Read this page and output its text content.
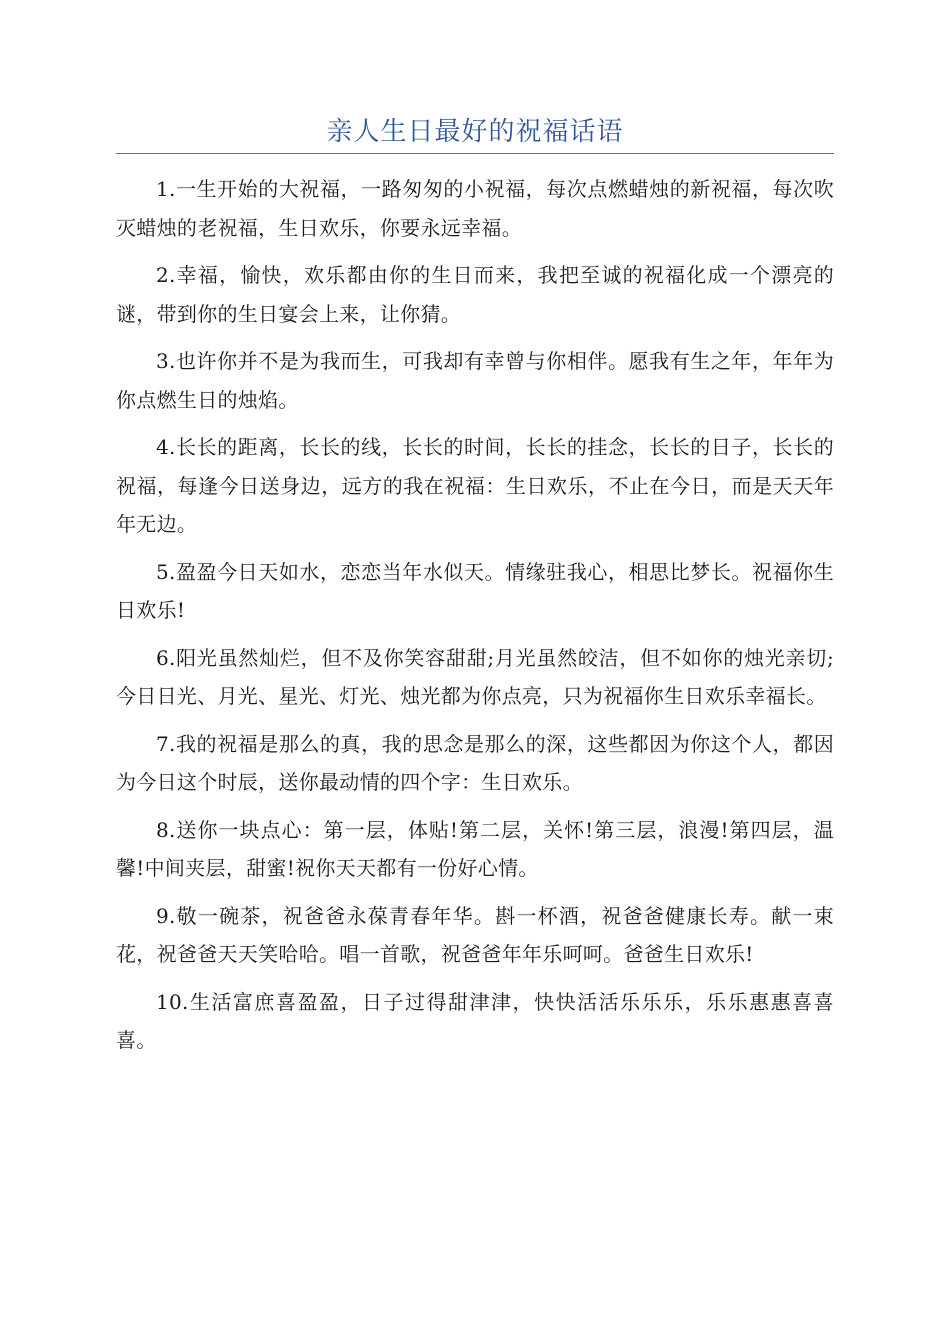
亲人生日最好的祝福话语

1.一生开始的大祝福，一路匆匆的小祝福，每次点燃蜡烛的新祝福，每次吹灭蜡烛的老祝福，生日欢乐，你要永远幸福。

2.幸福，愉快，欢乐都由你的生日而来，我把至诚的祝福化成一个漂亮的谜，带到你的生日宴会上来，让你猜。

3.也许你并不是为我而生，可我却有幸曾与你相伴。愿我有生之年，年年为你点燃生日的烛焰。

4.长长的距离，长长的线，长长的时间，长长的挂念，长长的日子，长长的祝福，每逢今日送身边，远方的我在祝福：生日欢乐，不止在今日，而是天天年年无边。

5.盈盈今日天如水，恋恋当年水似天。情缘驻我心，相思比梦长。祝福你生日欢乐!

6.阳光虽然灿烂，但不及你笑容甜甜;月光虽然皎洁，但不如你的烛光亲切;今日日光、月光、星光、灯光、烛光都为你点亮，只为祝福你生日欢乐幸福长。

7.我的祝福是那么的真，我的思念是那么的深，这些都因为你这个人，都因为今日这个时辰，送你最动情的四个字：生日欢乐。

8.送你一块点心：第一层，体贴!第二层，关怀!第三层，浪漫!第四层，温馨!中间夹层，甜蜜!祝你天天都有一份好心情。

9.敬一碗茶，祝爸爸永葆青春年华。斟一杯酒，祝爸爸健康长寿。献一束花，祝爸爸天天笑哈哈。唱一首歌，祝爸爸年年乐呵呵。爸爸生日欢乐!

10.生活富庶喜盈盈，日子过得甜津津，快快活活乐乐乐，乐乐惠惠喜喜喜。
